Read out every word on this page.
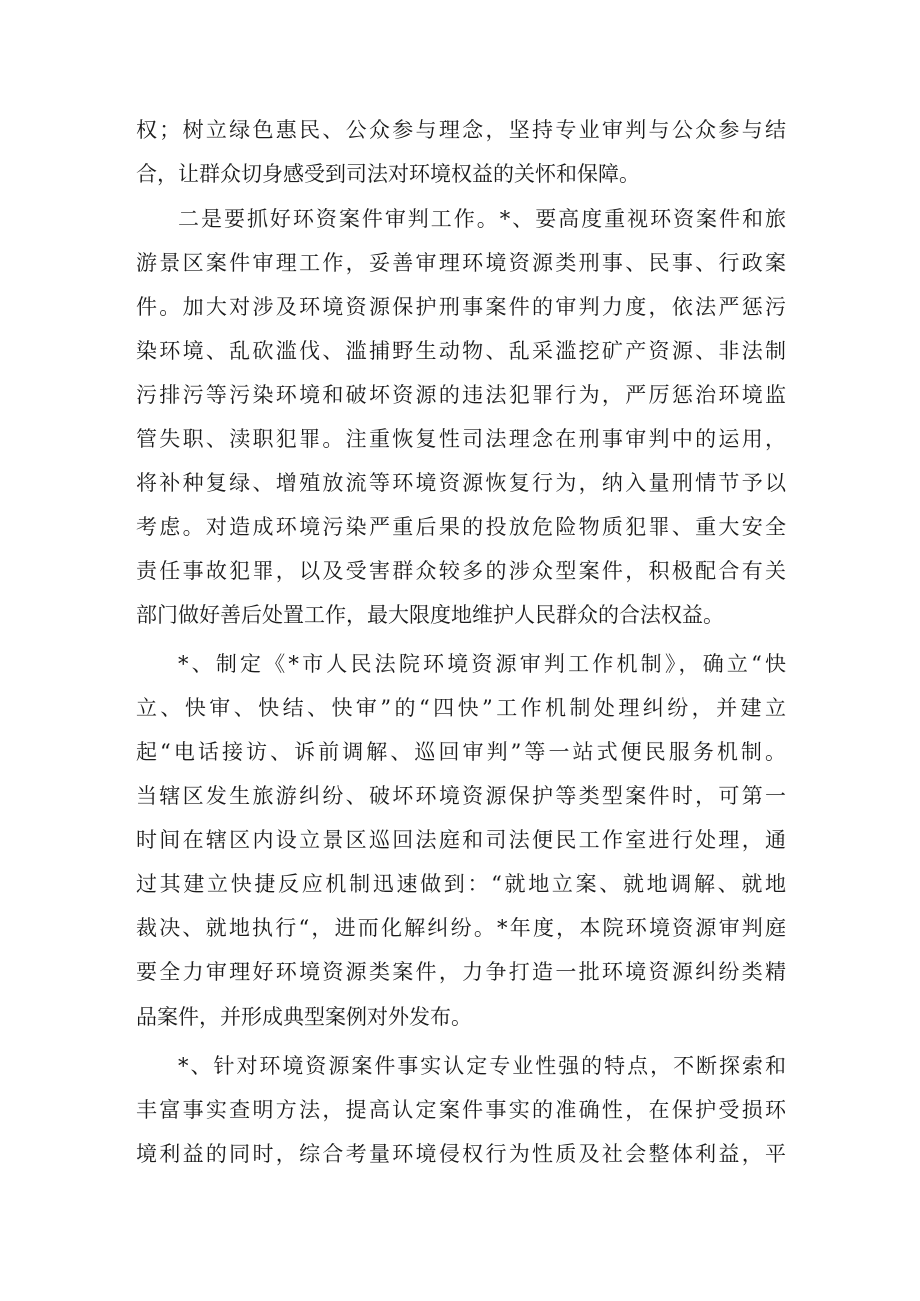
权；树立绿色惠民、公众参与理念，坚持专业审判与公众参与结
合，让群众切身感受到司法对环境权益的关怀和保障。
二是要抓好环资案件审判工作。*、要高度重视环资案件和旅
游景区案件审理工作，妥善审理环境资源类刑事、民事、行政案
件。加大对涉及环境资源保护刑事案件的审判力度，依法严惩污
染环境、乱砍滥伐、滥捕野生动物、乱采滥挖矿产资源、非法制
污排污等污染环境和破坏资源的违法犯罪行为，严厉惩治环境监
管失职、渎职犯罪。注重恢复性司法理念在刑事审判中的运用，
将补种复绿、增殖放流等环境资源恢复行为，纳入量刑情节予以
考虑。对造成环境污染严重后果的投放危险物质犯罪、重大安全
责任事故犯罪，以及受害群众较多的涉众型案件，积极配合有关
部门做好善后处置工作，最大限度地维护人民群众的合法权益。
*、制定《*市人民法院环境资源审判工作机制》，确立“快
立、快审、快结、快审”的“四快”工作机制处理纠纷，并建立
起“电话接访、诉前调解、巡回审判”等一站式便民服务机制。
当辖区发生旅游纠纷、破坏环境资源保护等类型案件时，可第一
时间在辖区内设立景区巡回法庭和司法便民工作室进行处理，通
过其建立快捷反应机制迅速做到：“就地立案、就地调解、就地
裁决、就地执行“，进而化解纠纷。*年度，本院环境资源审判庭
要全力审理好环境资源类案件，力争打造一批环境资源纠纷类精
品案件，并形成典型案例对外发布。
*、针对环境资源案件事实认定专业性强的特点，不断探索和
丰富事实查明方法，提高认定案件事实的准确性，在保护受损环
境利益的同时，综合考量环境侵权行为性质及社会整体利益，平
